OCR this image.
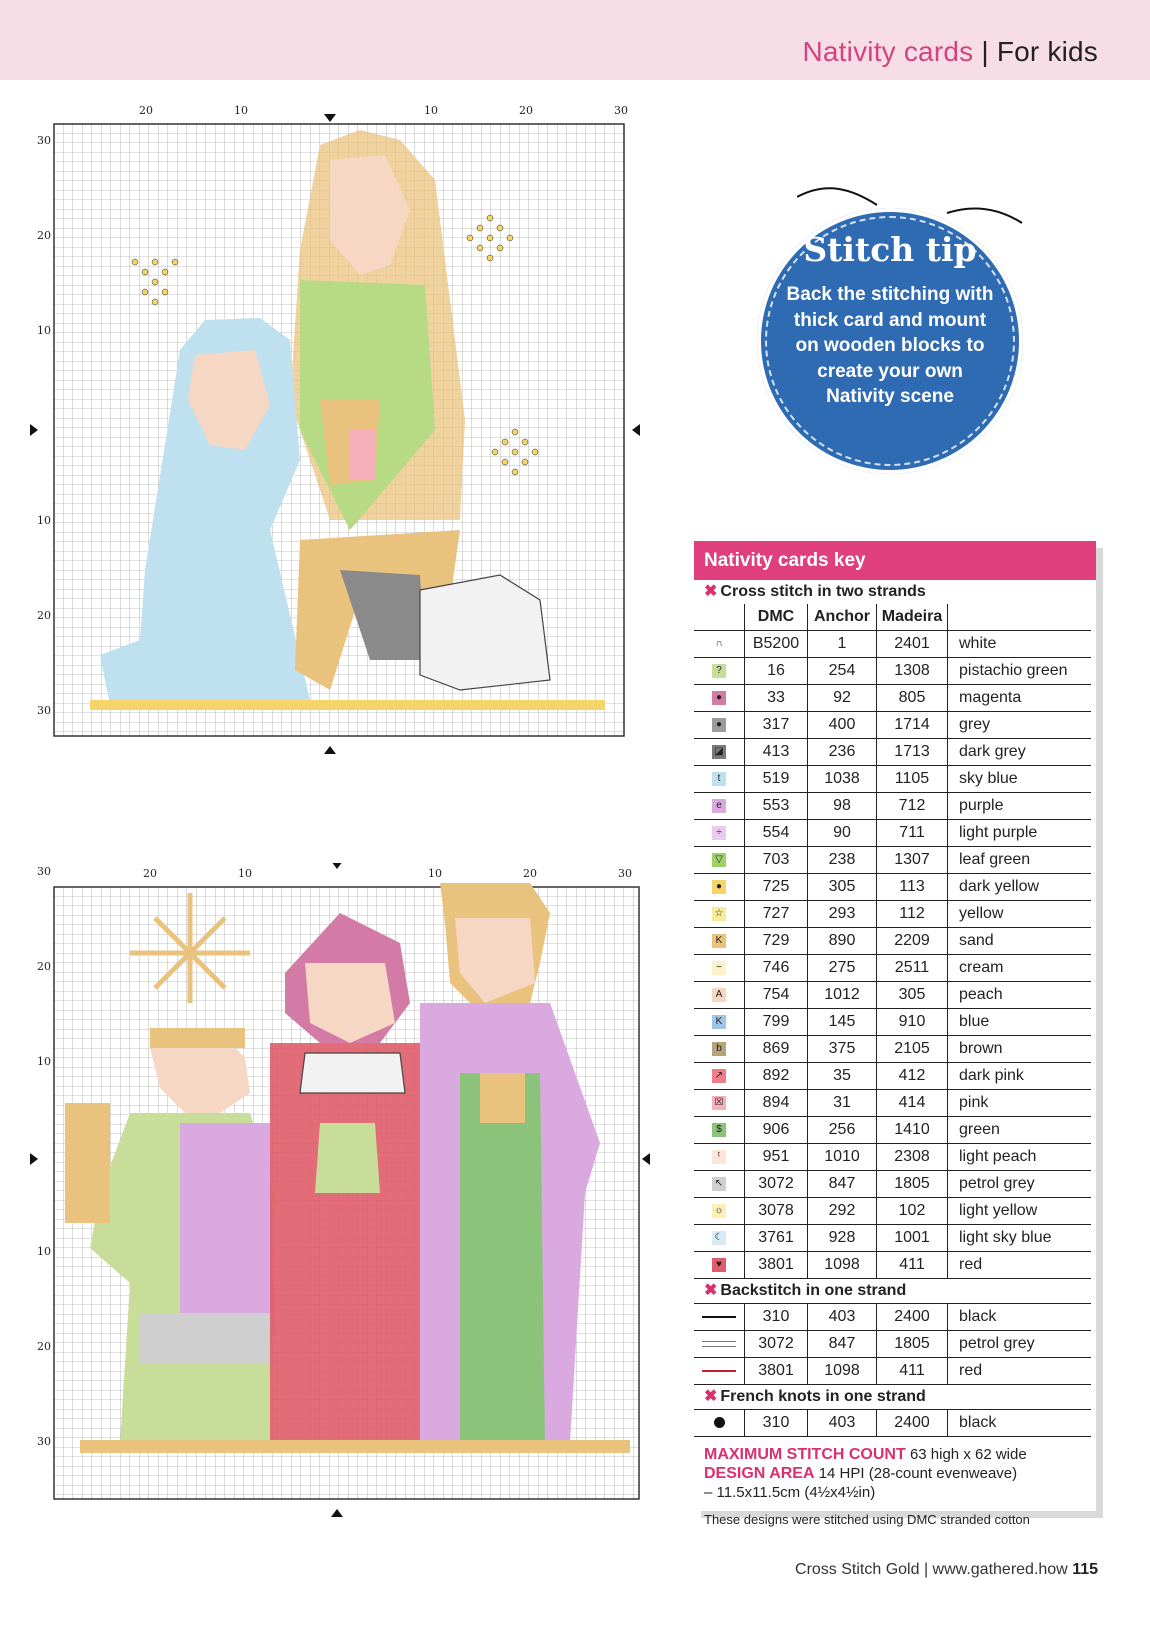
Nativity cards | For kids
20	10	10	20	30
30
20
10
10
20
30
20	10	10	20	30
30
20
10
10
20
30
Stitch tip
Back the stitching with thick card and mount on wooden blocks to create your own Nativity scene
Nativity cards key
✖ Cross stitch in two strands
	DMC	Anchor	Madeira	
∩	B5200	1	2401	white
?	16	254	1308	pistachio green
●	33	92	805	magenta
●	317	400	1714	grey
◪	413	236	1713	dark grey
t	519	1038	1105	sky blue
e	553	98	712	purple
÷	554	90	711	light purple
▽	703	238	1307	leaf green
●	725	305	113	dark yellow
☆	727	293	112	yellow
K	729	890	2209	sand
−	746	275	2511	cream
A	754	1012	305	peach
K	799	145	910	blue
b	869	375	2105	brown
↗	892	35	412	dark pink
☒	894	31	414	pink
$	906	256	1410	green
ᵗ	951	1010	2308	light peach
↖	3072	847	1805	petrol grey
☼	3078	292	102	light yellow
☾	3761	928	1001	light sky blue
♥	3801	1098	411	red
✖ Backstitch in one strand
	310	403	2400	black
	3072	847	1805	petrol grey
	3801	1098	411	red
✖ French knots in one strand
	310	403	2400	black
MAXIMUM STITCH COUNT 63 high x 62 wide
DESIGN AREA 14 HPI (28-count evenweave)
– 11.5x11.5cm (4½x4½in)
These designs were stitched using DMC stranded cotton
Cross Stitch Gold | www.gathered.how 115
